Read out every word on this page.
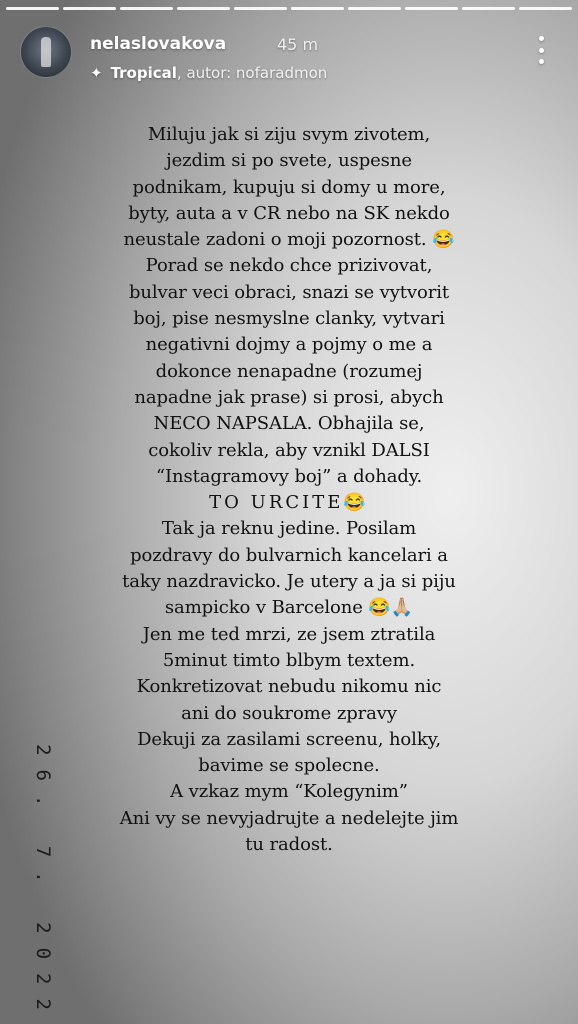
nelaslovakova	45 m
✦ Tropical, autor: nofaradmon
Miluju jak si ziju svym zivotem,
jezdim si po svete, uspesne
podnikam, kupuju si domy u more,
byty, auta a v CR nebo na SK nekdo
neustale zadoni o moji pozornost. 😂
Porad se nekdo chce prizivovat,
bulvar veci obraci, snazi se vytvorit
boj, pise nesmyslne clanky, vytvari
negativni dojmy a pojmy o me a
dokonce nenapadne (rozumej
napadne jak prase) si prosi, abych
NECO NAPSALA. Obhajila se,
cokoliv rekla, aby vznikl DALSI
“Instagramovy boj” a dohady.
TO URCITE😂
Tak ja reknu jedine. Posilam
pozdravy do bulvarnich kancelari a
taky nazdravicko. Je utery a ja si piju
sampicko v Barcelone 😂🙏🏼
Jen me ted mrzi, ze jsem ztratila
5minut timto blbym textem.
Konkretizovat nebudu nikomu nic
ani do soukrome zpravy
Dekuji za zasilami screenu, holky,
bavime se spolecne.
A vzkaz mym “Kolegynim”
Ani vy se nevyjadrujte a nedelejte jim
tu radost.
26. 7. 2022
